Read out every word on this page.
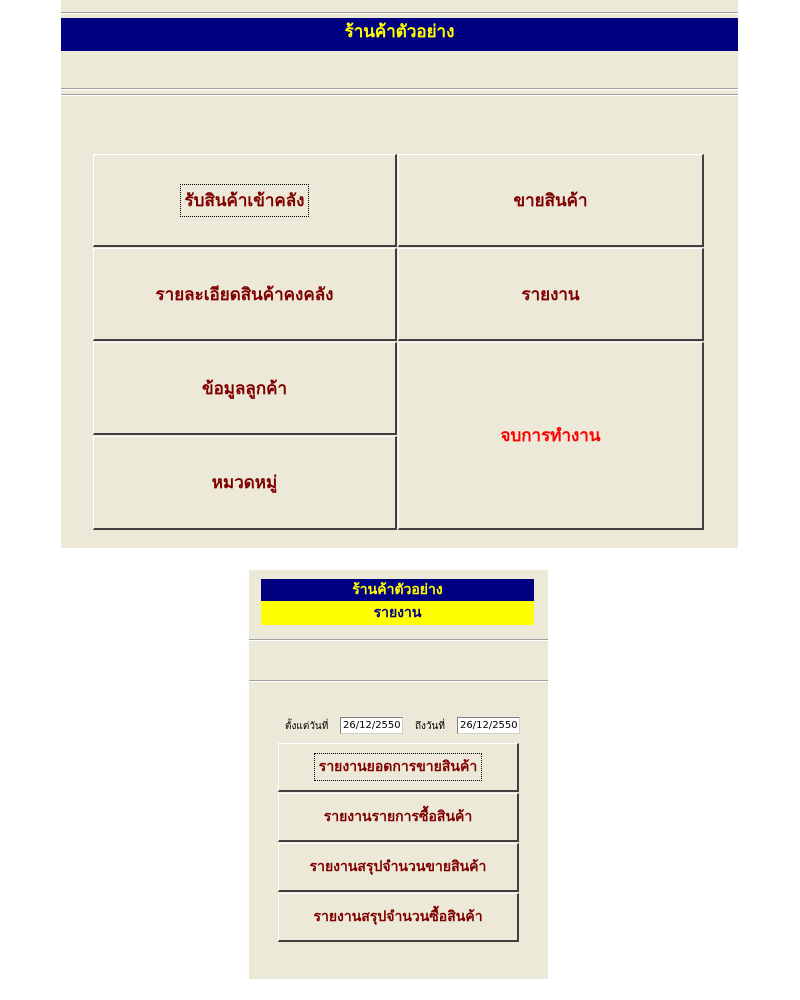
ร้านค้าตัวอย่าง
รับสินค้าเข้าคลัง	ขายสินค้า
รายละเอียดสินค้าคงคลัง	รายงาน
ข้อมูลลูกค้า
จบการทำงาน
หมวดหมู่
ร้านค้าตัวอย่าง
รายงาน
ตั้งแต่วันที่
26/12/2550	ถึงวันที่
26/12/2550
รายงานยอดการขายสินค้า
รายงานรายการซื้อสินค้า
รายงานสรุปจำนวนขายสินค้า
รายงานสรุปจำนวนซื้อสินค้า
